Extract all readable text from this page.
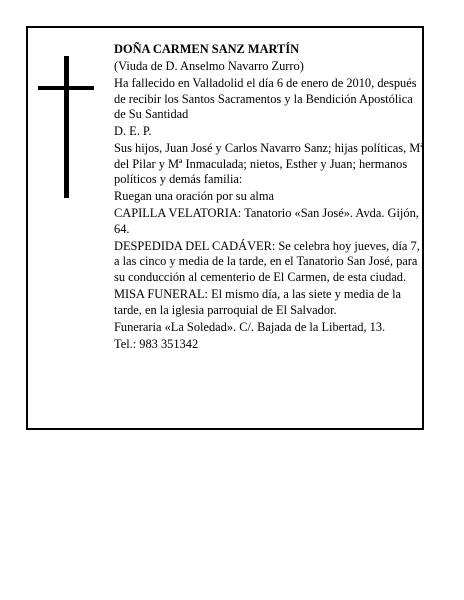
DOÑA CARMEN SANZ MARTÍN

(Viuda de D. Anselmo Navarro Zurro)

Ha fallecido en Valladolid el día 6 de enero de 2010, después de recibir los Santos Sacramentos y la Bendición Apostólica de Su Santidad

D. E. P.

Sus hijos, Juan José y Carlos Navarro Sanz; hijas políticas, Mª del Pilar y Mª Inmaculada; nietos, Esther y Juan; hermanos políticos y demás familia:

Ruegan una oración por su alma

CAPILLA VELATORIA: Tanatorio «San José». Avda. Gijón, 64.

DESPEDIDA DEL CADÁVER: Se celebra hoy jueves, día 7, a las cinco y media de la tarde, en el Tanatorio San José, para su conducción al cementerio de El Carmen, de esta ciudad.

MISA FUNERAL: El mismo día, a las siete y media de la tarde, en la iglesia parroquial de El Salvador.

Funeraria «La Soledad». C/. Bajada de la Libertad, 13.

Tel.: 983 351342
